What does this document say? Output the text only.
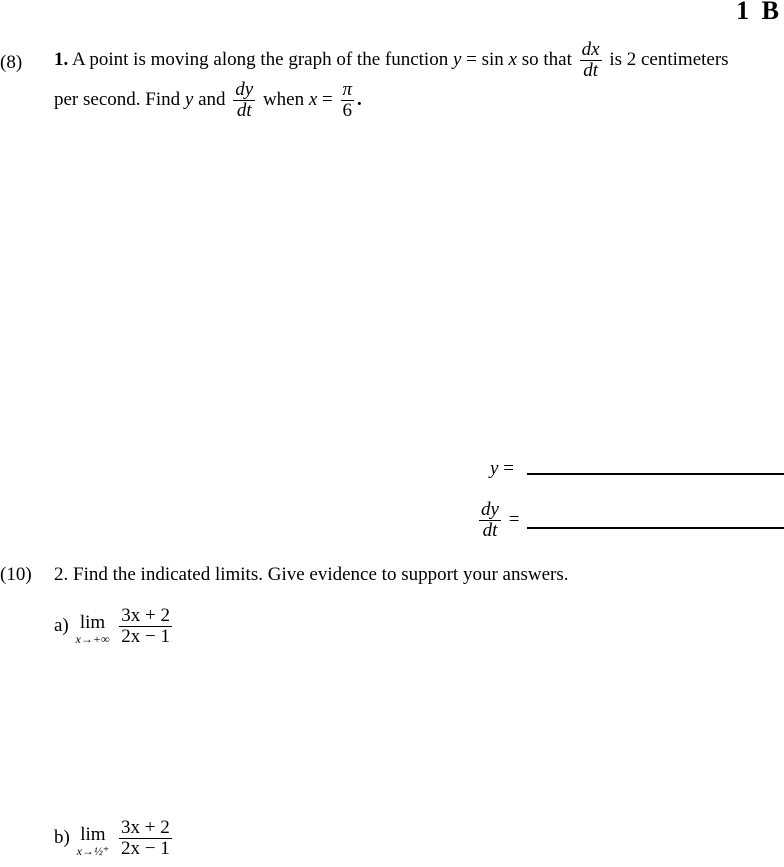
1 B
(8) 1. A point is moving along the graph of the function y = sin x so that $\frac{dx}{dt}$ is 2 centimeters
per second. Find y and $\frac{dy}{dt}$ when $x = \frac{\pi}{6}$ .
y =
$\frac{dy}{dt}$ =
(10) 2. Find the indicated limits. Give evidence to support your answers.
a) lim
x→+∞
$\frac{3x + 2}{2x - 1}$
b) lim
x→½⁺
$\frac{3x + 2}{2x - 1}$
